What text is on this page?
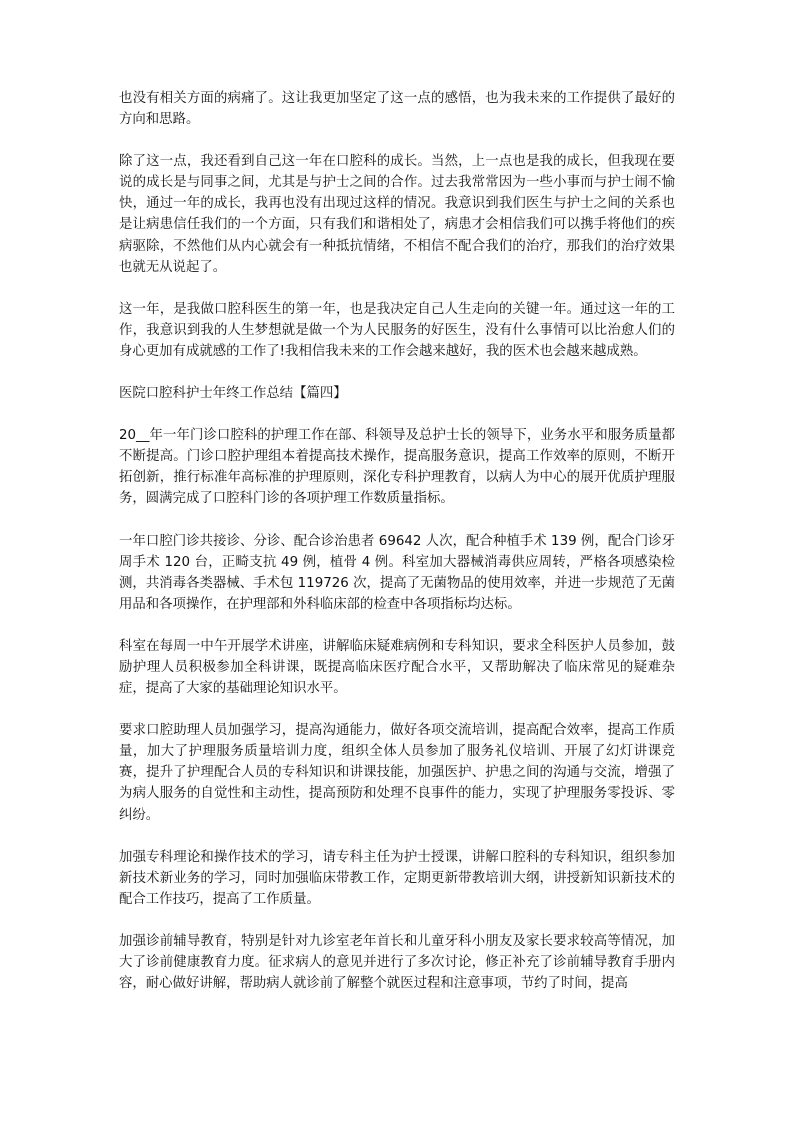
也没有相关方面的病痛了。这让我更加坚定了这一点的感悟，也为我未来的工作提供了最好的方向和思路。

除了这一点，我还看到自己这一年在口腔科的成长。当然，上一点也是我的成长，但我现在要说的成长是与同事之间，尤其是与护士之间的合作。过去我常常因为一些小事而与护士闹不愉快，通过一年的成长，我再也没有出现过这样的情况。我意识到我们医生与护士之间的关系也是让病患信任我们的一个方面，只有我们和谐相处了，病患才会相信我们可以携手将他们的疾病驱除，不然他们从内心就会有一种抵抗情绪，不相信不配合我们的治疗，那我们的治疗效果也就无从说起了。

这一年，是我做口腔科医生的第一年，也是我决定自己人生走向的关键一年。通过这一年的工作，我意识到我的人生梦想就是做一个为人民服务的好医生，没有什么事情可以比治愈人们的身心更加有成就感的工作了!我相信我未来的工作会越来越好，我的医术也会越来越成熟。

医院口腔科护士年终工作总结【篇四】

20__年一年门诊口腔科的护理工作在部、科领导及总护士长的领导下，业务水平和服务质量都不断提高。门诊口腔护理组本着提高技术操作，提高服务意识，提高工作效率的原则，不断开拓创新，推行标准年高标准的护理原则，深化专科护理教育，以病人为中心的展开优质护理服务，圆满完成了口腔科门诊的各项护理工作数质量指标。

一年口腔门诊共接诊、分诊、配合诊治患者 69642 人次，配合种植手术 139 例，配合门诊牙周手术 120 台，正畸支抗 49 例，植骨 4 例。科室加大器械消毒供应周转，严格各项感染检测，共消毒各类器械、手术包 119726 次，提高了无菌物品的使用效率，并进一步规范了无菌用品和各项操作，在护理部和外科临床部的检查中各项指标均达标。

科室在每周一中午开展学术讲座，讲解临床疑难病例和专科知识，要求全科医护人员参加，鼓励护理人员积极参加全科讲课，既提高临床医疗配合水平，又帮助解决了临床常见的疑难杂症，提高了大家的基础理论知识水平。

要求口腔助理人员加强学习，提高沟通能力，做好各项交流培训，提高配合效率，提高工作质量，加大了护理服务质量培训力度，组织全体人员参加了服务礼仪培训、开展了幻灯讲课竞赛，提升了护理配合人员的专科知识和讲课技能，加强医护、护患之间的沟通与交流，增强了为病人服务的自觉性和主动性，提高预防和处理不良事件的能力，实现了护理服务零投诉、零纠纷。

加强专科理论和操作技术的学习，请专科主任为护士授课，讲解口腔科的专科知识，组织参加新技术新业务的学习，同时加强临床带教工作，定期更新带教培训大纲，讲授新知识新技术的配合工作技巧，提高了工作质量。

加强诊前辅导教育，特别是针对九诊室老年首长和儿童牙科小朋友及家长要求较高等情况，加大了诊前健康教育力度。征求病人的意见并进行了多次讨论，修正补充了诊前辅导教育手册内容，耐心做好讲解，帮助病人就诊前了解整个就医过程和注意事项，节约了时间，提高
